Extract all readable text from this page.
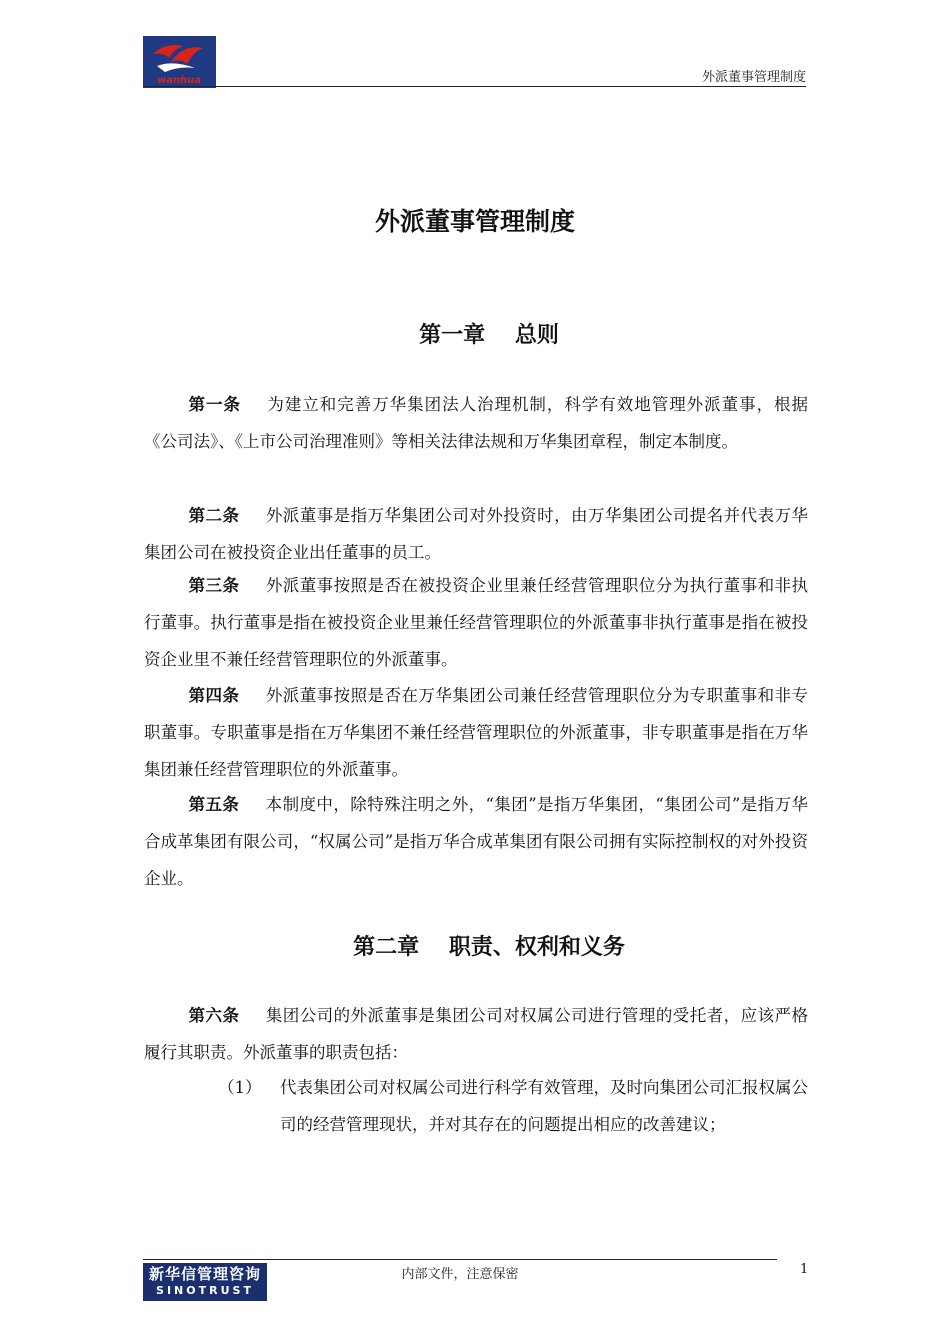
wanhua	外派董事管理制度
外派董事管理制度
第一章　 总则

第一条 为建立和完善万华集团法人治理机制，科学有效地管理外派董事，根据《公司法》、《上市公司治理准则》等相关法律法规和万华集团章程，制定本制度。

第二条 外派董事是指万华集团公司对外投资时，由万华集团公司提名并代表万华集团公司在被投资企业出任董事的员工。

第三条 外派董事按照是否在被投资企业里兼任经营管理职位分为执行董事和非执行董事。执行董事是指在被投资企业里兼任经营管理职位的外派董事非执行董事是指在被投资企业里不兼任经营管理职位的外派董事。

第四条 外派董事按照是否在万华集团公司兼任经营管理职位分为专职董事和非专职董事。专职董事是指在万华集团不兼任经营管理职位的外派董事，非专职董事是指在万华集团兼任经营管理职位的外派董事。

第五条 本制度中，除特殊注明之外，“集团”是指万华集团，“集团公司”是指万华合成革集团有限公司，“权属公司”是指万华合成革集团有限公司拥有实际控制权的对外投资企业。

第二章　 职责、权利和义务

第六条 集团公司的外派董事是集团公司对权属公司进行管理的受托者，应该严格履行其职责。外派董事的职责包括：

（1） 代表集团公司对权属公司进行科学有效管理，及时向集团公司汇报权属公司的经营管理现状，并对其存在的问题提出相应的改善建议；
新华信管理咨询
SINOTRUST
内部文件，注意保密	1
